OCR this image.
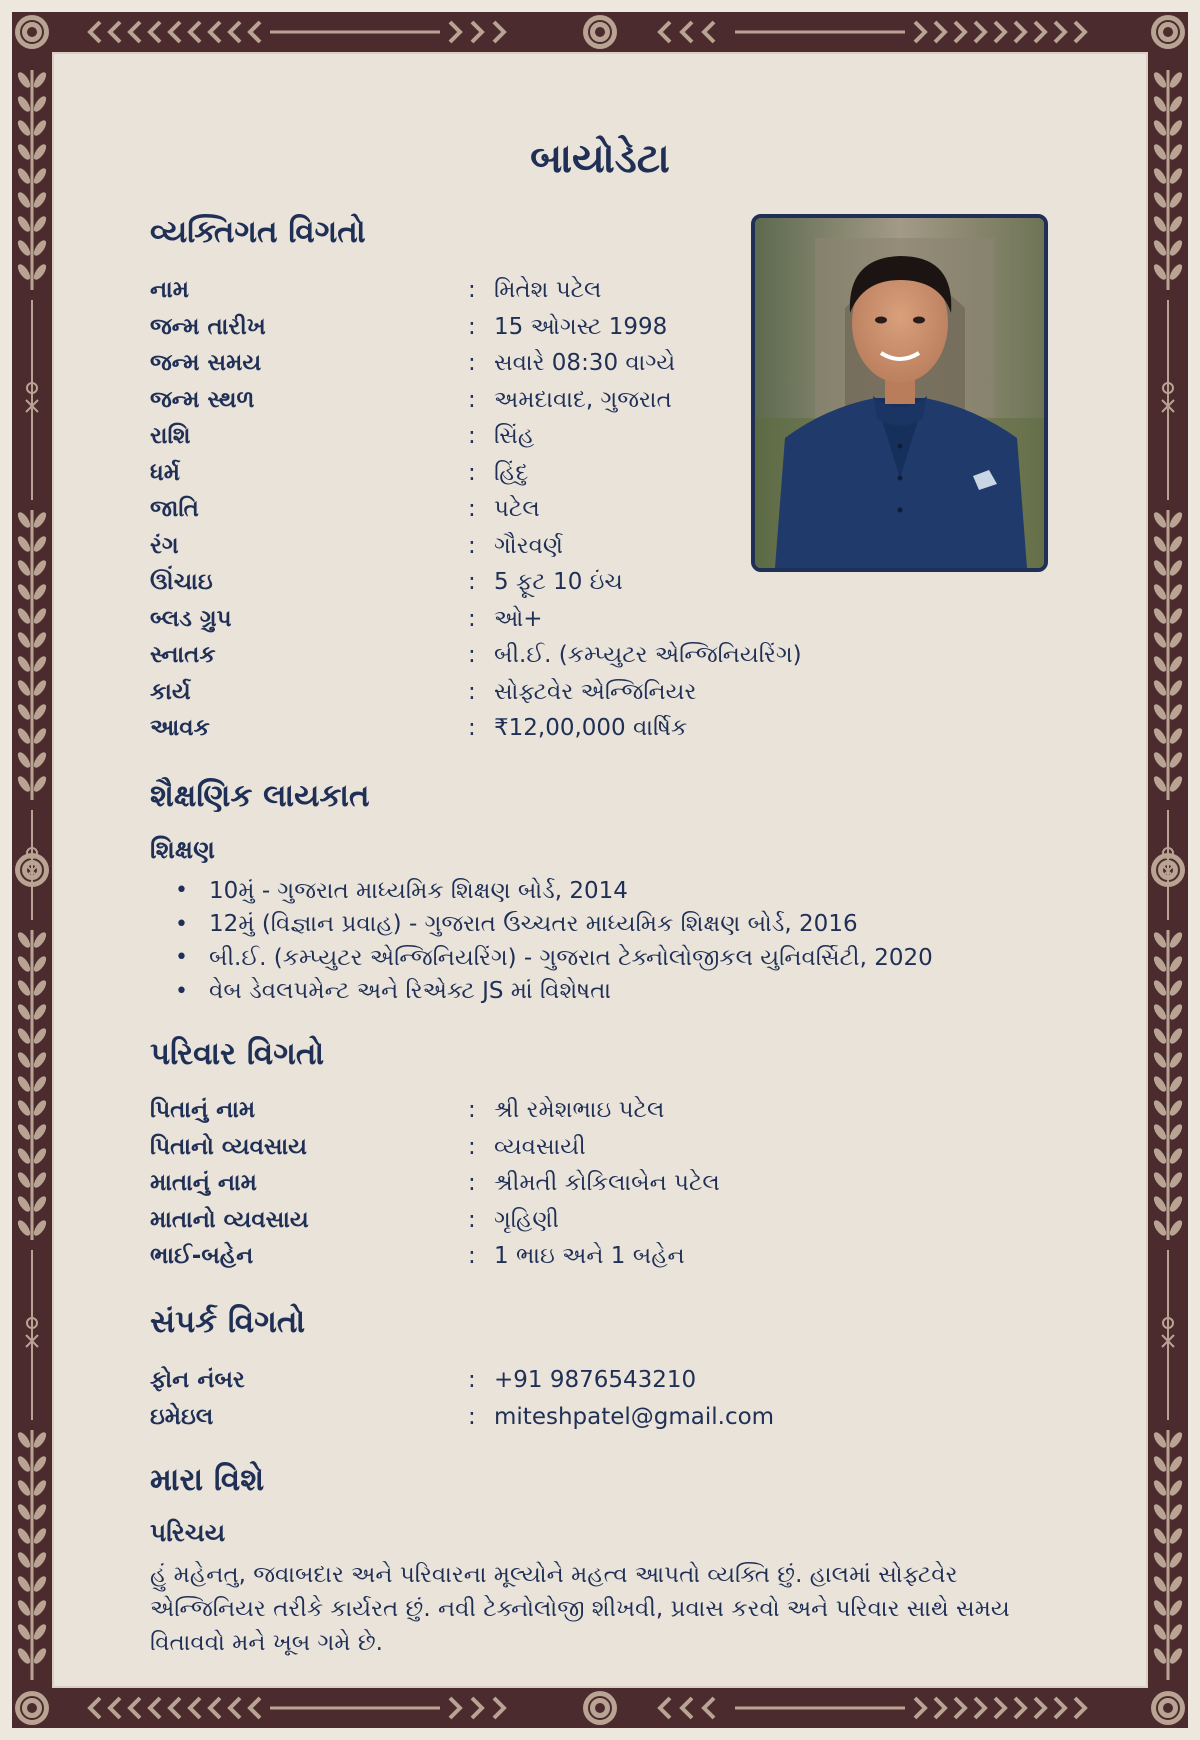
બાયોડેટા
વ્યક્તિગત વિગતો
નામ	: મિતેશ પટેલ
જન્મ તારીખ	: 15 ઓગસ્ટ 1998
જન્મ સમય	: સવારે 08:30 વાગ્યે
જન્મ સ્થળ	: અમદાવાદ, ગુજરાત
રાશિ	: સિંહ
ધર્મ	: હિંદુ
જાતિ	: પટેલ
રંગ	: ગૌરવર્ણ
ઊંચાઇ	: 5 ફૂટ 10 ઇંચ
બ્લડ ગ્રુપ	: ઓ+
સ્નાતક	: બી.ઈ. (કમ્પ્યુટર એન્જિનિયરિંગ)
કાર્ય	: સોફ્ટવેર એન્જિનિયર
આવક	: ₹12,00,000 વાર્ષિક
શૈક્ષણિક લાયકાત
શિક્ષણ
• 10મું - ગુજરાત માધ્યમિક શિક્ષણ બોર્ડ, 2014
• 12મું (વિજ્ઞાન પ્રવાહ) - ગુજરાત ઉચ્ચતર માધ્યમિક શિક્ષણ બોર્ડ, 2016
• બી.ઈ. (કમ્પ્યુટર એન્જિનિયરિંગ) - ગુજરાત ટેક્નોલોજીકલ યુનિવર્સિટી, 2020
• વેબ ડેવલપમેન્ટ અને રિએક્ટ JS માં વિશેષતા
પરિવાર વિગતો
પિતાનું નામ	: શ્રી રમેશભાઇ પટેલ
પિતાનો વ્યવસાય	: વ્યવસાયી
માતાનું નામ	: શ્રીમતી કોકિલાબેન પટેલ
માતાનો વ્યવસાય	: ગૃહિણી
ભાઈ-બહેન	: 1 ભાઇ અને 1 બહેન
સંપર્ક વિગતો
ફોન નંબર	: +91 9876543210
ઇમેઇલ	: miteshpatel@gmail.com
મારા વિશે
પરિચય

હું મહેનતુ, જવાબદાર અને પરિવારના મૂલ્યોને મહત્વ આપતો વ્યક્તિ છું. હાલમાં સોફ્ટવેર એન્જિનિયર તરીકે કાર્યરત છું. નવી ટેક્નોલોજી શીખવી, પ્રવાસ કરવો અને પરિવાર સાથે સમય વિતાવવો મને ખૂબ ગમે છે.
